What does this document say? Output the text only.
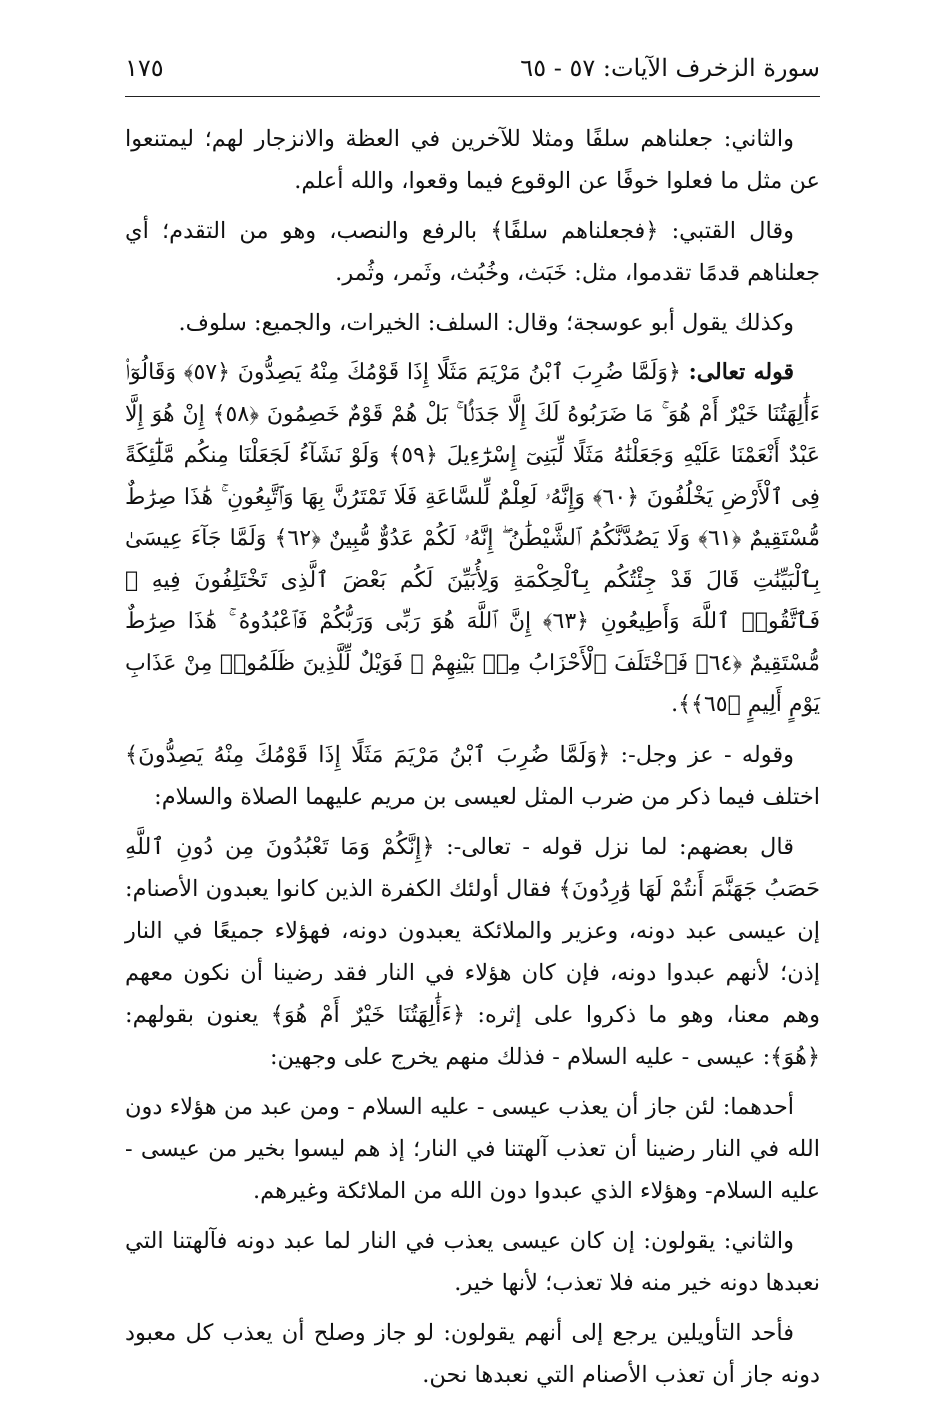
سورة الزخرف الآيات: ٥٧ - ٦٥
١٧٥

والثاني: جعلناهم سلفًا ومثلا للآخرين في العظة والانزجار لهم؛ ليمتنعوا عن مثل ما فعلوا خوفًا عن الوقوع فيما وقعوا، والله أعلم.

وقال القتبي: ﴿فجعلناهم سلفًا﴾ بالرفع والنصب، وهو من التقدم؛ أي جعلناهم قدمًا تقدموا، مثل: خَبَث، وخُبُث، وثَمر، وثُمر.

وكذلك يقول أبو عوسجة؛ وقال: السلف: الخيرات، والجميع: سلوف.

قوله تعالى: ﴿وَلَمَّا ضُرِبَ ٱبْنُ مَرْيَمَ مَثَلًا إِذَا قَوْمُكَ مِنْهُ يَصِدُّونَ ﴿٥٧﴾ وَقَالُوٓا۟ ءَأَٰلِهَتُنَا خَيْرٌ أَمْ هُوَ ۚ مَا ضَرَبُوهُ لَكَ إِلَّا جَدَلًۢا ۚ بَلْ هُمْ قَوْمٌ خَصِمُونَ ﴿٥٨﴾ إِنْ هُوَ إِلَّا عَبْدٌ أَنْعَمْنَا عَلَيْهِ وَجَعَلْنَٰهُ مَثَلًا لِّبَنِىٓ إِسْرَٰٓءِيلَ ﴿٥٩﴾ وَلَوْ نَشَآءُ لَجَعَلْنَا مِنكُم مَّلَٰٓئِكَةً فِى ٱلْأَرْضِ يَخْلُفُونَ ﴿٦٠﴾ وَإِنَّهُۥ لَعِلْمٌ لِّلسَّاعَةِ فَلَا تَمْتَرُنَّ بِهَا وَٱتَّبِعُونِ ۚ هَٰذَا صِرَٰطٌ مُّسْتَقِيمٌ ﴿٦١﴾ وَلَا يَصُدَّنَّكُمُ ٱلشَّيْطَٰنُ ۖ إِنَّهُۥ لَكُمْ عَدُوٌّ مُّبِينٌ ﴿٦٢﴾ وَلَمَّا جَآءَ عِيسَىٰ بِٱلْبَيِّنَٰتِ قَالَ قَدْ جِئْتُكُم بِٱلْحِكْمَةِ وَلِأُبَيِّنَ لَكُم بَعْضَ ٱلَّذِى تَخْتَلِفُونَ فِيهِ ۖ فَٱتَّقُوا۟ ٱللَّهَ وَأَطِيعُونِ ﴿٦٣﴾ إِنَّ ٱللَّهَ هُوَ رَبِّى وَرَبُّكُمْ فَٱعْبُدُوهُ ۚ هَٰذَا صِرَٰطٌ مُّسْتَقِيمٌ ﴿٦٤﴾ فَٱخْتَلَفَ ٱلْأَحْزَابُ مِنۢ بَيْنِهِمْ ۖ فَوَيْلٌ لِّلَّذِينَ ظَلَمُوا۟ مِنْ عَذَابِ يَوْمٍ أَلِيمٍ ﴿٦٥﴾﴾.

وقوله - عز وجل-: ﴿وَلَمَّا ضُرِبَ ٱبْنُ مَرْيَمَ مَثَلًا إِذَا قَوْمُكَ مِنْهُ يَصِدُّونَ﴾ اختلف فيما ذكر من ضرب المثل لعيسى بن مريم عليهما الصلاة والسلام:

قال بعضهم: لما نزل قوله - تعالى-: ﴿إِنَّكُمْ وَمَا تَعْبُدُونَ مِن دُونِ ٱللَّهِ حَصَبُ جَهَنَّمَ أَنتُمْ لَهَا وَٰرِدُونَ﴾ فقال أولئك الكفرة الذين كانوا يعبدون الأصنام: إن عيسى عبد دونه، وعزير والملائكة يعبدون دونه، فهؤلاء جميعًا في النار إذن؛ لأنهم عبدوا دونه، فإن كان هؤلاء في النار فقد رضينا أن نكون معهم وهم معنا، وهو ما ذكروا على إثره: ﴿ءَأَٰلِهَتُنَا خَيْرٌ أَمْ هُوَ﴾ يعنون بقولهم: ﴿هُوَ﴾: عيسى - عليه السلام - فذلك منهم يخرج على وجهين:

أحدهما: لئن جاز أن يعذب عيسى - عليه السلام - ومن عبد من هؤلاء دون الله في النار رضينا أن تعذب آلهتنا في النار؛ إذ هم ليسوا بخير من عيسى - عليه السلام- وهؤلاء الذي عبدوا دون الله من الملائكة وغيرهم.

والثاني: يقولون: إن كان عيسى يعذب في النار لما عبد دونه فآلهتنا التي نعبدها دونه خير منه فلا تعذب؛ لأنها خير.

فأحد التأويلين يرجع إلى أنهم يقولون: لو جاز وصلح أن يعذب كل معبود دونه جاز أن تعذب الأصنام التي نعبدها نحن.
